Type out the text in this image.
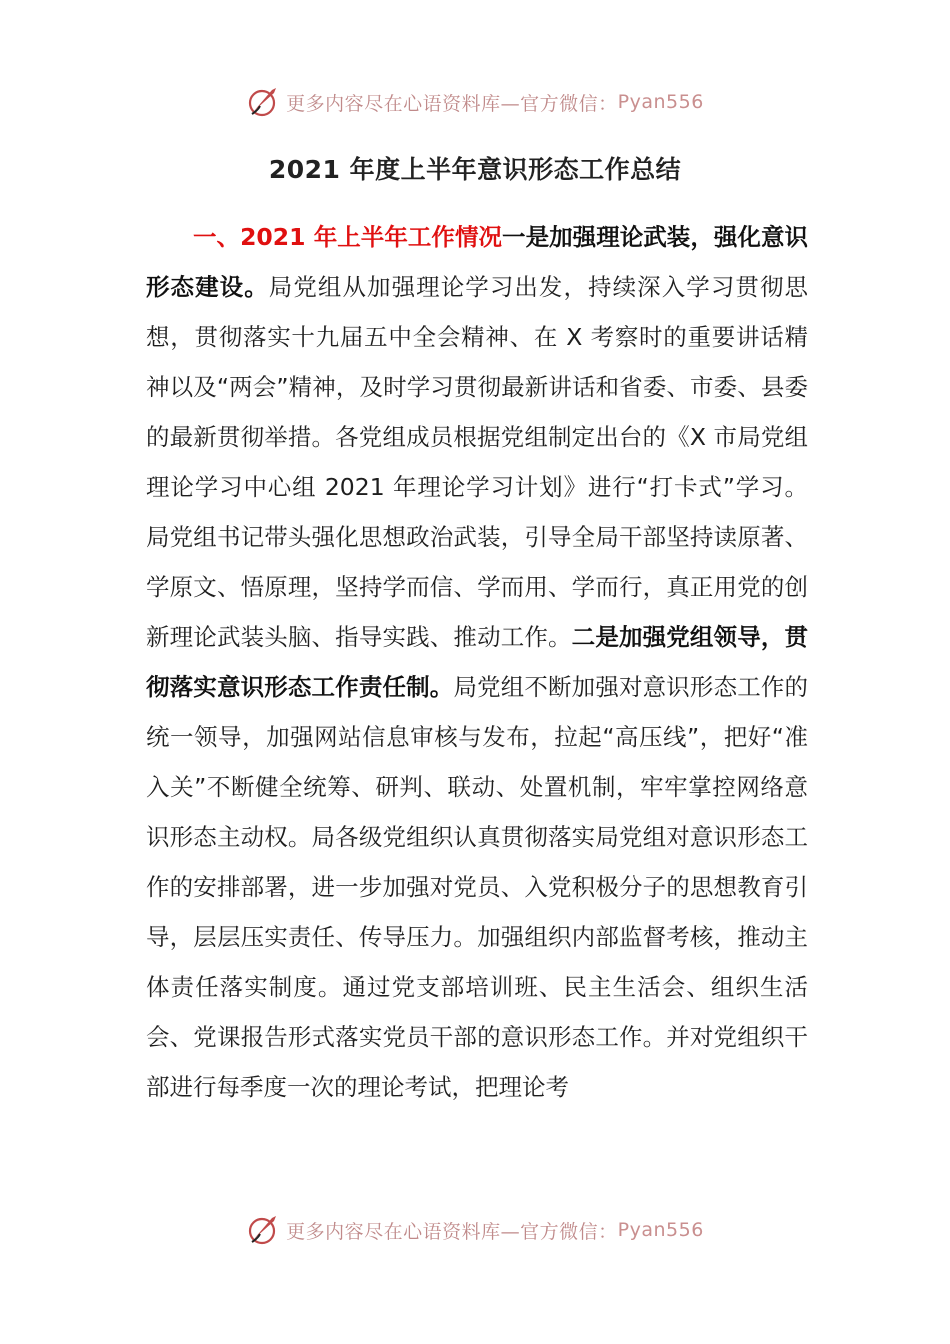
更多内容尽在心语资料库—官方微信： Pyan556
2021 年度上半年意识形态工作总结
一、2021 年上半年工作情况一是加强理论武装，强化意识形态建设。局党组从加强理论学习出发，持续深入学习贯彻思想，贯彻落实十九届五中全会精神、在 X 考察时的重要讲话精神以及“两会”精神，及时学习贯彻最新讲话和省委、市委、县委的最新贯彻举措。各党组成员根据党组制定出台的《X 市局党组理论学习中心组 2021 年理论学习计划》进行“打卡式”学习。局党组书记带头强化思想政治武装，引导全局干部坚持读原著、学原文、悟原理，坚持学而信、学而用、学而行，真正用党的创新理论武装头脑、指导实践、推动工作。二是加强党组领导，贯彻落实意识形态工作责任制。局党组不断加强对意识形态工作的统一领导，加强网站信息审核与发布，拉起“高压线”，把好“准入关”不断健全统筹、研判、联动、处置机制，牢牢掌控网络意识形态主动权。局各级党组织认真贯彻落实局党组对意识形态工作的安排部署，进一步加强对党员、入党积极分子的思想教育引导，层层压实责任、传导压力。加强组织内部监督考核，推动主体责任落实制度。通过党支部培训班、民主生活会、组织生活会、党课报告形式落实党员干部的意识形态工作。并对党组织干部进行每季度一次的理论考试，把理论考
更多内容尽在心语资料库—官方微信： Pyan556
